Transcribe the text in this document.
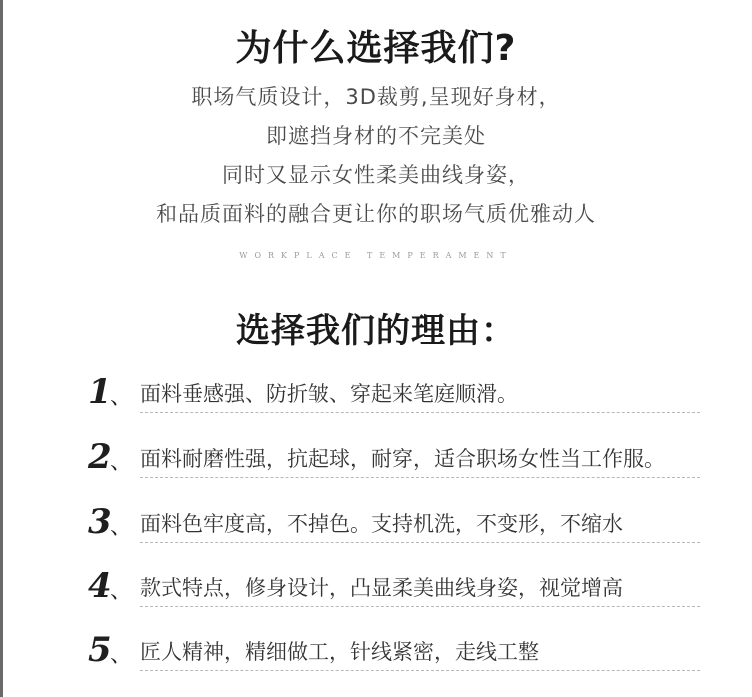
为什么选择我们?
职场气质设计，3D裁剪,呈现好身材，
即遮挡身材的不完美处
同时又显示女性柔美曲线身姿，
和品质面料的融合更让你的职场气质优雅动人
WORKPLACE TEMPERAMENT
选择我们的理由：
1
、 面料垂感强、防折皱、穿起来笔庭顺滑。
2
、 面料耐磨性强，抗起球，耐穿，适合职场女性当工作服。
3
、 面料色牢度高，不掉色。支持机洗，不变形，不缩水
4
、 款式特点，修身设计，凸显柔美曲线身姿，视觉增高
5
、 匠人精神，精细做工，针线紧密，走线工整
